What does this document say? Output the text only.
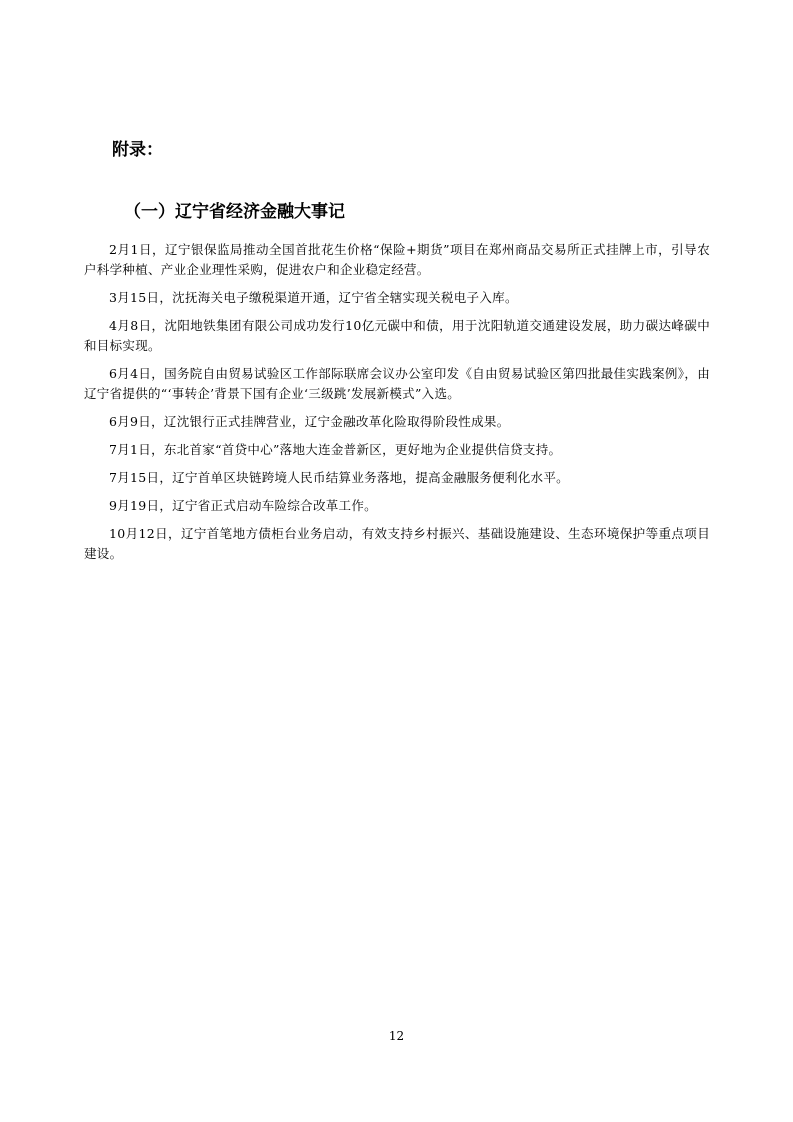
附录：
（一）辽宁省经济金融大事记

2月1日，辽宁银保监局推动全国首批花生价格“保险+期货”项目在郑州商品交易所正式挂牌上市，引导农户科学种植、产业企业理性采购，促进农户和企业稳定经营。

3月15日，沈抚海关电子缴税渠道开通，辽宁省全辖实现关税电子入库。

4月8日，沈阳地铁集团有限公司成功发行10亿元碳中和债，用于沈阳轨道交通建设发展，助力碳达峰碳中和目标实现。

6月4日，国务院自由贸易试验区工作部际联席会议办公室印发《自由贸易试验区第四批最佳实践案例》，由辽宁省提供的“‘事转企’背景下国有企业‘三级跳’发展新模式”入选。

6月9日，辽沈银行正式挂牌营业，辽宁金融改革化险取得阶段性成果。

7月1日，东北首家“首贷中心”落地大连金普新区，更好地为企业提供信贷支持。

7月15日，辽宁首单区块链跨境人民币结算业务落地，提高金融服务便利化水平。

9月19日，辽宁省正式启动车险综合改革工作。

10月12日，辽宁首笔地方债柜台业务启动，有效支持乡村振兴、基础设施建设、生态环境保护等重点项目建设。

12
